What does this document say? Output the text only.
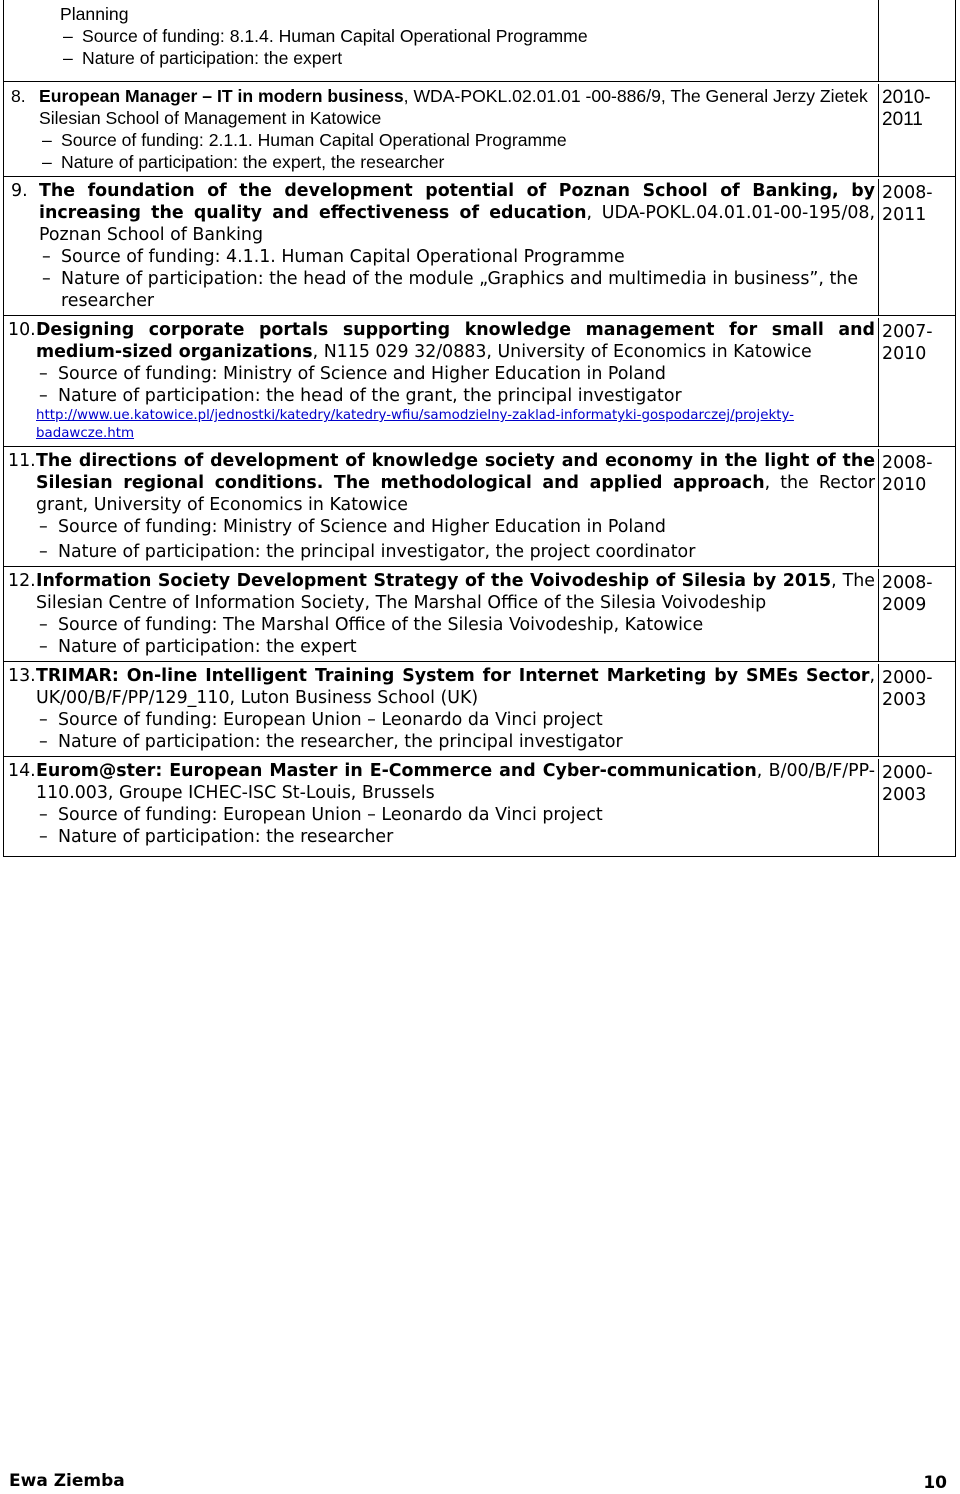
Planning
– Source of funding: 8.1.4. Human Capital Operational Programme
– Nature of participation: the expert
8. European Manager – IT in modern business, WDA-POKL.02.01.01 -00-886/9, The General Jerzy Zietek Silesian School of Management in Katowice
– Source of funding: 2.1.1. Human Capital Operational Programme
– Nature of participation: the expert, the researcher
2010-
2011
9. The foundation of the development potential of Poznan School of Banking, by increasing the quality and effectiveness of education, UDA-POKL.04.01.01-00-195/08, Poznan School of Banking
– Source of funding: 4.1.1. Human Capital Operational Programme
– Nature of participation: the head of the module „Graphics and multimedia in business”, the researcher
2008-
2011
10. Designing corporate portals supporting knowledge management for small and medium-sized organizations, N115 029 32/0883, University of Economics in Katowice
– Source of funding: Ministry of Science and Higher Education in Poland
– Nature of participation: the head of the grant, the principal investigator
http://www.ue.katowice.pl/jednostki/katedry/katedry-wfiu/samodzielny-zaklad-informatyki-gospodarczej/projekty-badawcze.htm
2007-
2010
11. The directions of development of knowledge society and economy in the light of the Silesian regional conditions. The methodological and applied approach, the Rector grant, University of Economics in Katowice
– Source of funding: Ministry of Science and Higher Education in Poland
– Nature of participation: the principal investigator, the project coordinator
2008-
2010
12. Information Society Development Strategy of the Voivodeship of Silesia by 2015, The Silesian Centre of Information Society, The Marshal Office of the Silesia Voivodeship
– Source of funding: The Marshal Office of the Silesia Voivodeship, Katowice
– Nature of participation: the expert
2008-
2009
13. TRIMAR: On-line Intelligent Training System for Internet Marketing by SMEs Sector, UK/00/B/F/PP/129_110, Luton Business School (UK)
– Source of funding: European Union – Leonardo da Vinci project
– Nature of participation: the researcher, the principal investigator
2000-
2003
14. Eurom@ster: European Master in E-Commerce and Cyber-communication, B/00/B/F/PP-110.003, Groupe ICHEC-ISC St-Louis, Brussels
– Source of funding: European Union – Leonardo da Vinci project
– Nature of participation: the researcher
2000-
2003
Ewa Ziemba	10
